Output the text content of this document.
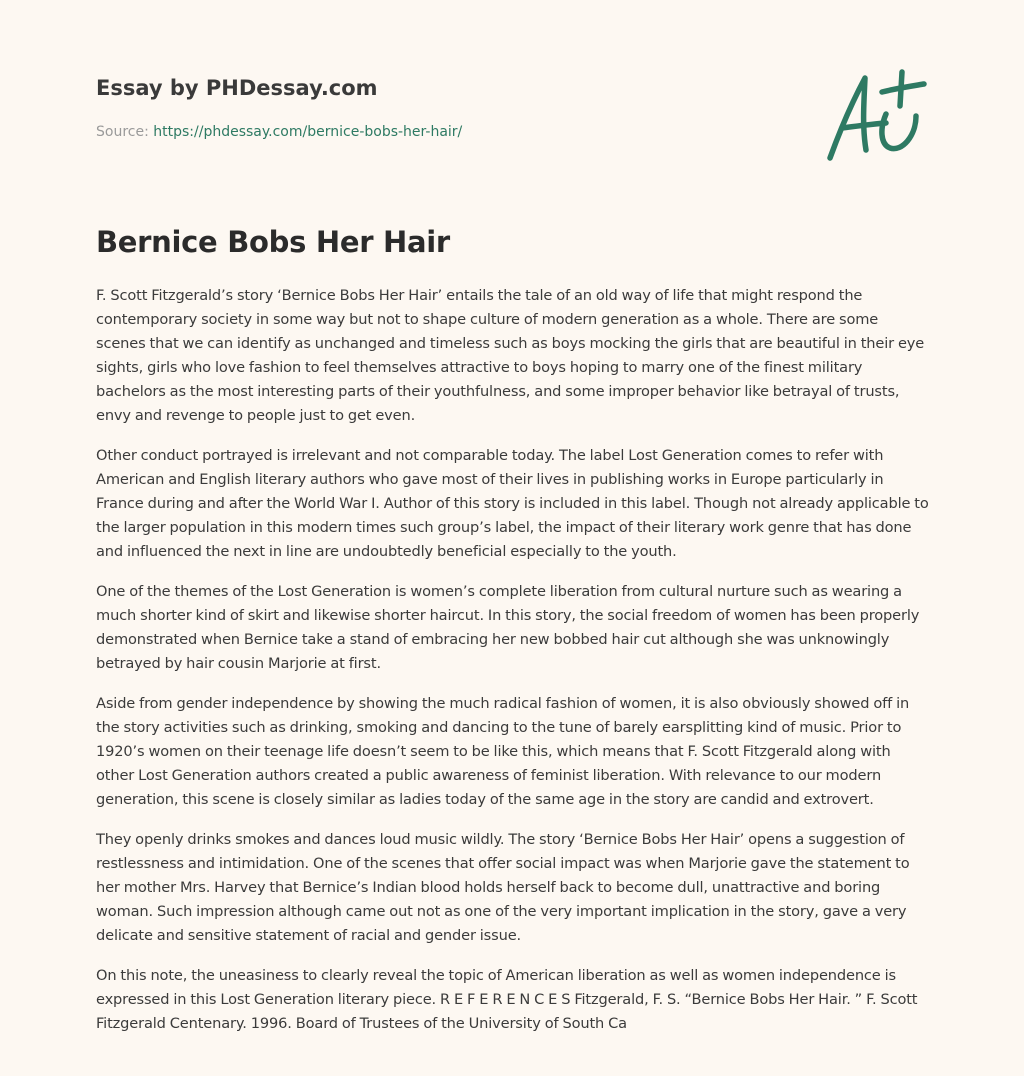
Essay by PHDessay.com
Source: https://phdessay.com/bernice-bobs-her-hair/
Bernice Bobs Her Hair

F. Scott Fitzgerald’s story ‘Bernice Bobs Her Hair’ entails the tale of an old way of life that might respond the contemporary society in some way but not to shape culture of modern generation as a whole. There are some scenes that we can identify as unchanged and timeless such as boys mocking the girls that are beautiful in their eye sights, girls who love fashion to feel themselves attractive to boys hoping to marry one of the finest military bachelors as the most interesting parts of their youthfulness, and some improper behavior like betrayal of trusts, envy and revenge to people just to get even.

Other conduct portrayed is irrelevant and not comparable today. The label Lost Generation comes to refer with American and English literary authors who gave most of their lives in publishing works in Europe particularly in France during and after the World War I. Author of this story is included in this label. Though not already applicable to the larger population in this modern times such group’s label, the impact of their literary work genre that has done and influenced the next in line are undoubtedly beneficial especially to the youth.

One of the themes of the Lost Generation is women’s complete liberation from cultural nurture such as wearing a much shorter kind of skirt and likewise shorter haircut. In this story, the social freedom of women has been properly demonstrated when Bernice take a stand of embracing her new bobbed hair cut although she was unknowingly betrayed by hair cousin Marjorie at first.

Aside from gender independence by showing the much radical fashion of women, it is also obviously showed off in the story activities such as drinking, smoking and dancing to the tune of barely earsplitting kind of music. Prior to 1920’s women on their teenage life doesn’t seem to be like this, which means that F. Scott Fitzgerald along with other Lost Generation authors created a public awareness of feminist liberation. With relevance to our modern generation, this scene is closely similar as ladies today of the same age in the story are candid and extrovert.

They openly drinks smokes and dances loud music wildly. The story ‘Bernice Bobs Her Hair’ opens a suggestion of restlessness and intimidation. One of the scenes that offer social impact was when Marjorie gave the statement to her mother Mrs. Harvey that Bernice’s Indian blood holds herself back to become dull, unattractive and boring woman. Such impression although came out not as one of the very important implication in the story, gave a very delicate and sensitive statement of racial and gender issue.

On this note, the uneasiness to clearly reveal the topic of American liberation as well as women independence is expressed in this Lost Generation literary piece. R E F E R E N C E S Fitzgerald, F. S. “Bernice Bobs Her Hair. ” F. Scott Fitzgerald Centenary. 1996. Board of Trustees of the University of South Ca
